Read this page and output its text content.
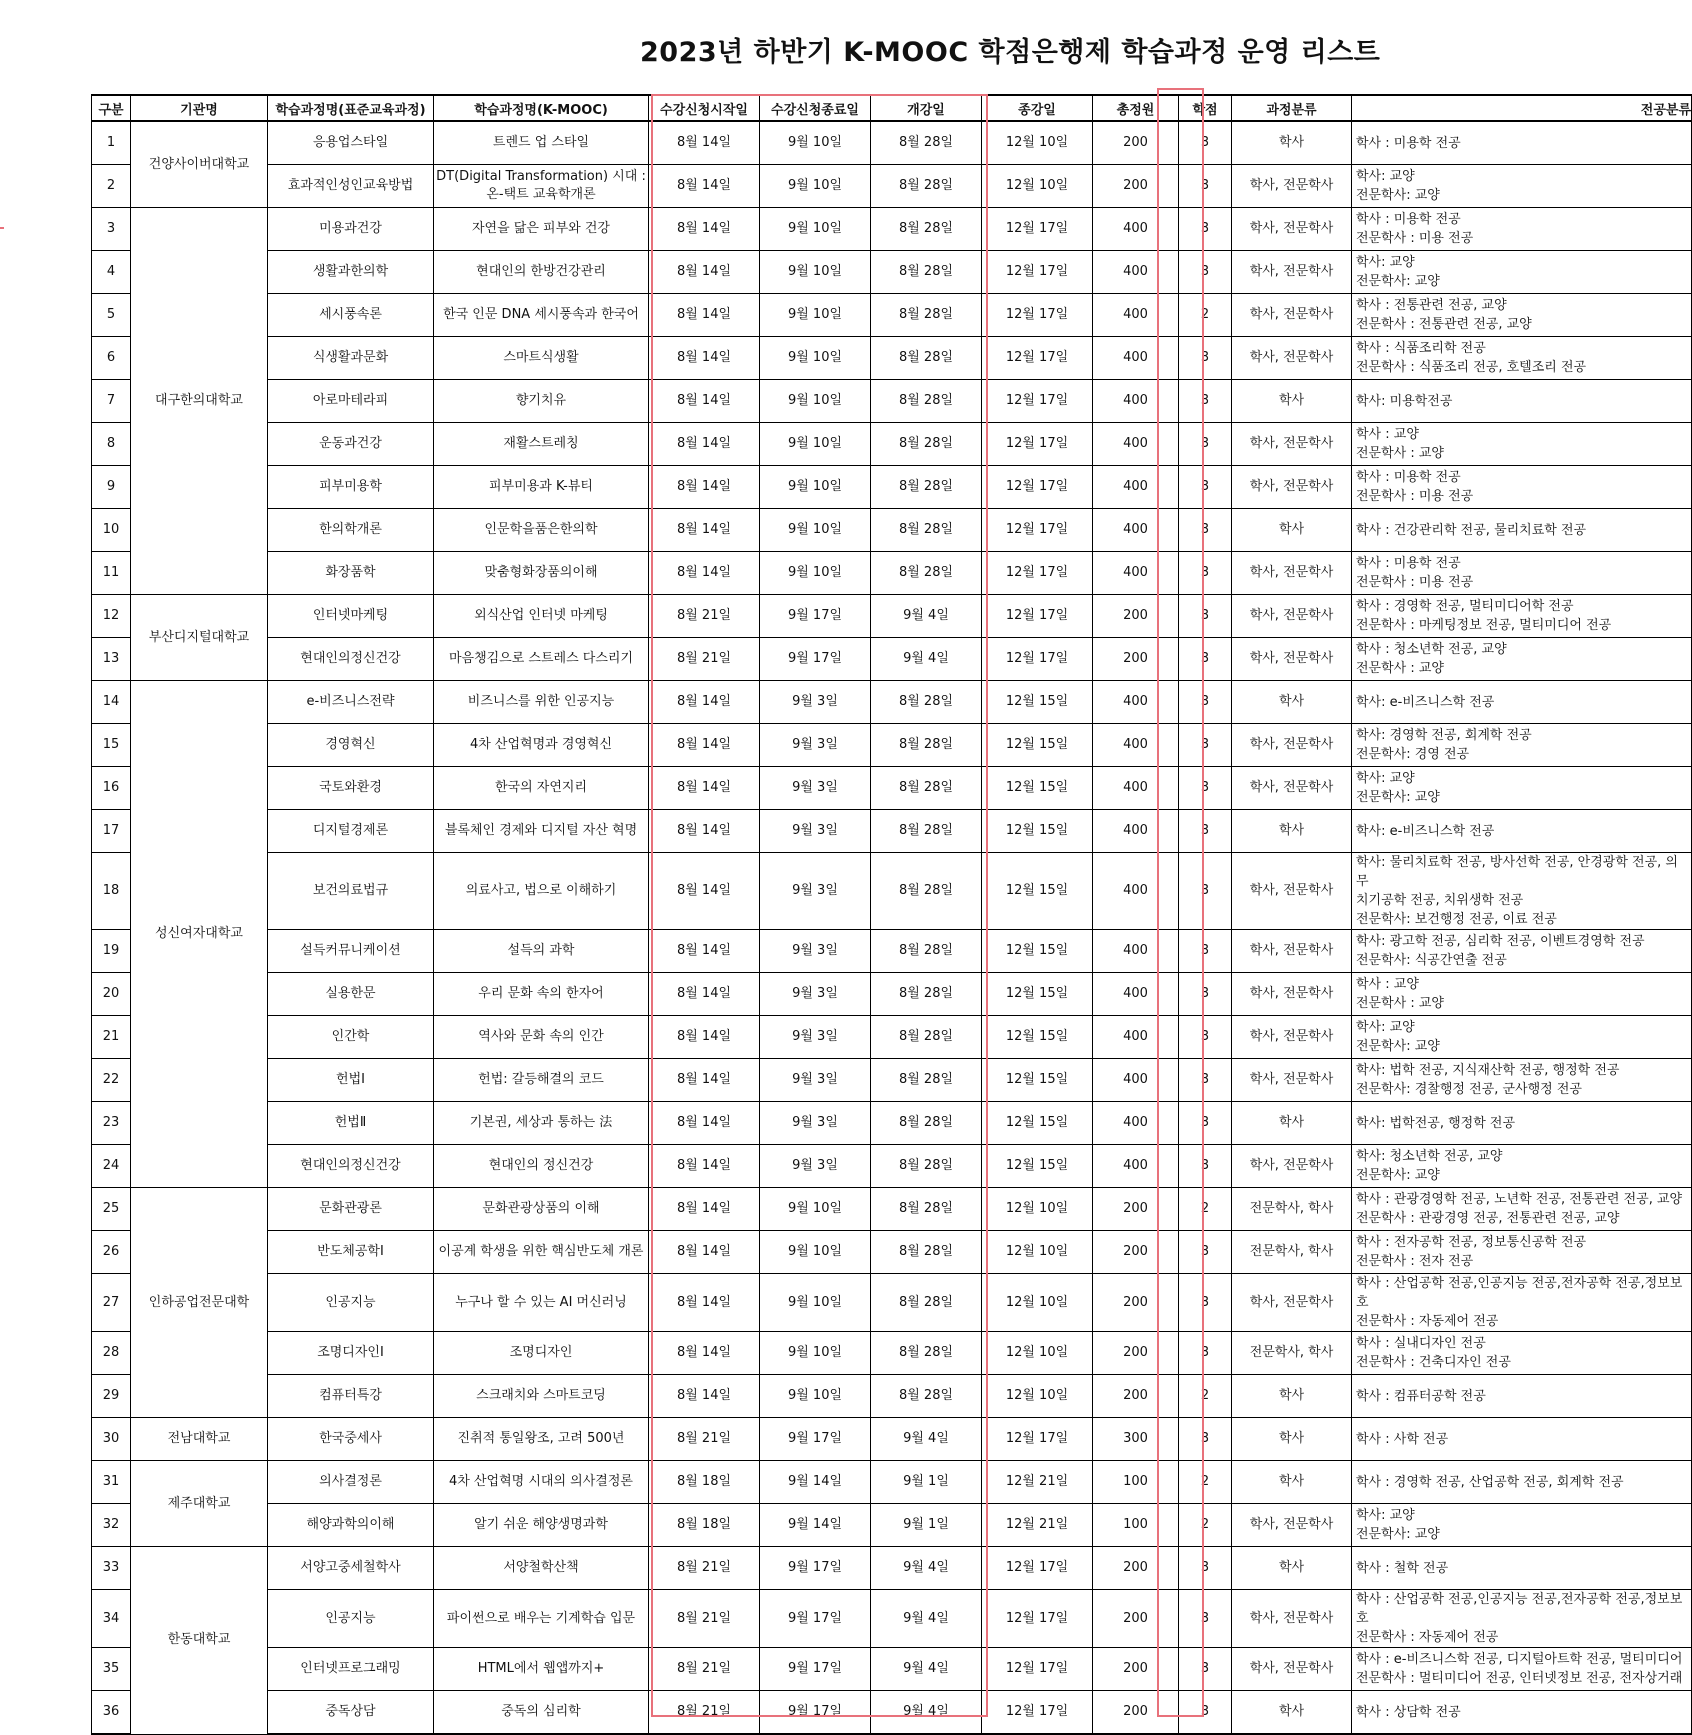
2023년 하반기 K-MOOC 학점은행제 학습과정 운영 리스트
구분	기관명	학습과정명(표준교육과정)	학습과정명(K-MOOC)	수강신청시작일	수강신청종료일	개강일	종강일	총정원	학점	과정분류	전공분류
1	건양사이버대학교	응용업스타일	트렌드 업 스타일	8월 14일	9월 10일	8월 28일	12월 10일	200	3	학사	학사 : 미용학 전공
2		효과적인성인교육방법	DT(Digital Transformation) 시대 : 온-택트 교육학개론	8월 14일	9월 10일	8월 28일	12월 10일	200	3	학사, 전문학사	학사: 교양
전문학사: 교양
3	대구한의대학교	미용과건강	자연을 닮은 피부와 건강	8월 14일	9월 10일	8월 28일	12월 17일	400	3	학사, 전문학사	학사 : 미용학 전공
전문학사 : 미용 전공
4		생활과한의학	현대인의 한방건강관리	8월 14일	9월 10일	8월 28일	12월 17일	400	3	학사, 전문학사	학사: 교양
전문학사: 교양
5		세시풍속론	한국 인문 DNA 세시풍속과 한국어	8월 14일	9월 10일	8월 28일	12월 17일	400	2	학사, 전문학사	학사 : 전통관련 전공, 교양
전문학사 : 전통관련 전공, 교양
6		식생활과문화	스마트식생활	8월 14일	9월 10일	8월 28일	12월 17일	400	3	학사, 전문학사	학사 : 식품조리학 전공
전문학사 : 식품조리 전공, 호텔조리 전공
7		아로마테라피	향기치유	8월 14일	9월 10일	8월 28일	12월 17일	400	3	학사	학사: 미용학전공
8		운동과건강	재활스트레칭	8월 14일	9월 10일	8월 28일	12월 17일	400	3	학사, 전문학사	학사 : 교양
전문학사 : 교양
9		피부미용학	피부미용과 K-뷰티	8월 14일	9월 10일	8월 28일	12월 17일	400	3	학사, 전문학사	학사 : 미용학 전공
전문학사 : 미용 전공
10		한의학개론	인문학을품은한의학	8월 14일	9월 10일	8월 28일	12월 17일	400	3	학사	학사 : 건강관리학 전공, 물리치료학 전공
11		화장품학	맞춤형화장품의이해	8월 14일	9월 10일	8월 28일	12월 17일	400	3	학사, 전문학사	학사 : 미용학 전공
전문학사 : 미용 전공
12	부산디지털대학교	인터넷마케팅	외식산업 인터넷 마케팅	8월 21일	9월 17일	9월 4일	12월 17일	200	3	학사, 전문학사	학사 : 경영학 전공, 멀티미디어학 전공
전문학사 : 마케팅정보 전공, 멀티미디어 전공
13		현대인의정신건강	마음챙김으로 스트레스 다스리기	8월 21일	9월 17일	9월 4일	12월 17일	200	3	학사, 전문학사	학사 : 청소년학 전공, 교양
전문학사 : 교양
14	성신여자대학교	e-비즈니스전략	비즈니스를 위한 인공지능	8월 14일	9월 3일	8월 28일	12월 15일	400	3	학사	학사: e-비즈니스학 전공
15		경영혁신	4차 산업혁명과 경영혁신	8월 14일	9월 3일	8월 28일	12월 15일	400	3	학사, 전문학사	학사: 경영학 전공, 회계학 전공
전문학사: 경영 전공
16		국토와환경	한국의 자연지리	8월 14일	9월 3일	8월 28일	12월 15일	400	3	학사, 전문학사	학사: 교양
전문학사: 교양
17		디지털경제론	블록체인 경제와 디지털 자산 혁명	8월 14일	9월 3일	8월 28일	12월 15일	400	3	학사	학사: e-비즈니스학 전공
18		보건의료법규	의료사고, 법으로 이해하기	8월 14일	9월 3일	8월 28일	12월 15일	400	3	학사, 전문학사	학사: 물리치료학 전공, 방사선학 전공, 안경광학 전공, 의무
치기공학 전공, 치위생학 전공
전문학사: 보건행정 전공, 이료 전공
19		설득커뮤니케이션	설득의 과학	8월 14일	9월 3일	8월 28일	12월 15일	400	3	학사, 전문학사	학사: 광고학 전공, 심리학 전공, 이벤트경영학 전공
전문학사: 식공간연출 전공
20		실용한문	우리 문화 속의 한자어	8월 14일	9월 3일	8월 28일	12월 15일	400	3	학사, 전문학사	학사 : 교양
전문학사 : 교양
21		인간학	역사와 문화 속의 인간	8월 14일	9월 3일	8월 28일	12월 15일	400	3	학사, 전문학사	학사: 교양
전문학사: 교양
22		헌법Ⅰ	헌법: 갈등해결의 코드	8월 14일	9월 3일	8월 28일	12월 15일	400	3	학사, 전문학사	학사: 법학 전공, 지식재산학 전공, 행정학 전공
전문학사: 경찰행정 전공, 군사행정 전공
23		헌법Ⅱ	기본권, 세상과 통하는 法	8월 14일	9월 3일	8월 28일	12월 15일	400	3	학사	학사: 법학전공, 행정학 전공
24		현대인의정신건강	현대인의 정신건강	8월 14일	9월 3일	8월 28일	12월 15일	400	3	학사, 전문학사	학사: 청소년학 전공, 교양
전문학사: 교양
25	인하공업전문대학	문화관광론	문화관광상품의 이해	8월 14일	9월 10일	8월 28일	12월 10일	200	2	전문학사, 학사	학사 : 관광경영학 전공, 노년학 전공, 전통관련 전공, 교양
전문학사 : 관광경영 전공, 전통관련 전공, 교양
26		반도체공학Ⅰ	이공계 학생을 위한 핵심반도체 개론	8월 14일	9월 10일	8월 28일	12월 10일	200	3	전문학사, 학사	학사 : 전자공학 전공, 정보통신공학 전공
전문학사 : 전자 전공
27		인공지능	누구나 할 수 있는 AI 머신러닝	8월 14일	9월 10일	8월 28일	12월 10일	200	3	학사, 전문학사	학사 : 산업공학 전공,인공지능 전공,전자공학 전공,정보보호
전문학사 : 자동제어 전공
28		조명디자인Ⅰ	조명디자인	8월 14일	9월 10일	8월 28일	12월 10일	200	3	전문학사, 학사	학사 : 실내디자인 전공
전문학사 : 건축디자인 전공
29		컴퓨터특강	스크래치와 스마트코딩	8월 14일	9월 10일	8월 28일	12월 10일	200	2	학사	학사 : 컴퓨터공학 전공
30	전남대학교	한국중세사	진취적 통일왕조, 고려 500년	8월 21일	9월 17일	9월 4일	12월 17일	300	3	학사	학사 : 사학 전공
31	제주대학교	의사결정론	4차 산업혁명 시대의 의사결정론	8월 18일	9월 14일	9월 1일	12월 21일	100	2	학사	학사 : 경영학 전공, 산업공학 전공, 회계학 전공
32		해양과학의이해	알기 쉬운 해양생명과학	8월 18일	9월 14일	9월 1일	12월 21일	100	2	학사, 전문학사	학사: 교양
전문학사: 교양
33	한동대학교	서양고중세철학사	서양철학산책	8월 21일	9월 17일	9월 4일	12월 17일	200	3	학사	학사 : 철학 전공
34		인공지능	파이썬으로 배우는 기계학습 입문	8월 21일	9월 17일	9월 4일	12월 17일	200	3	학사, 전문학사	학사 : 산업공학 전공,인공지능 전공,전자공학 전공,정보보호
전문학사 : 자동제어 전공
35		인터넷프로그래밍	HTML에서 웹앱까지+	8월 21일	9월 17일	9월 4일	12월 17일	200	3	학사, 전문학사	학사 : e-비즈니스학 전공, 디지털아트학 전공, 멀티미디어
전문학사 : 멀티미디어 전공, 인터넷정보 전공, 전자상거래
36		중독상담	중독의 심리학	8월 21일	9월 17일	9월 4일	12월 17일	200	3	학사	학사 : 상담학 전공
